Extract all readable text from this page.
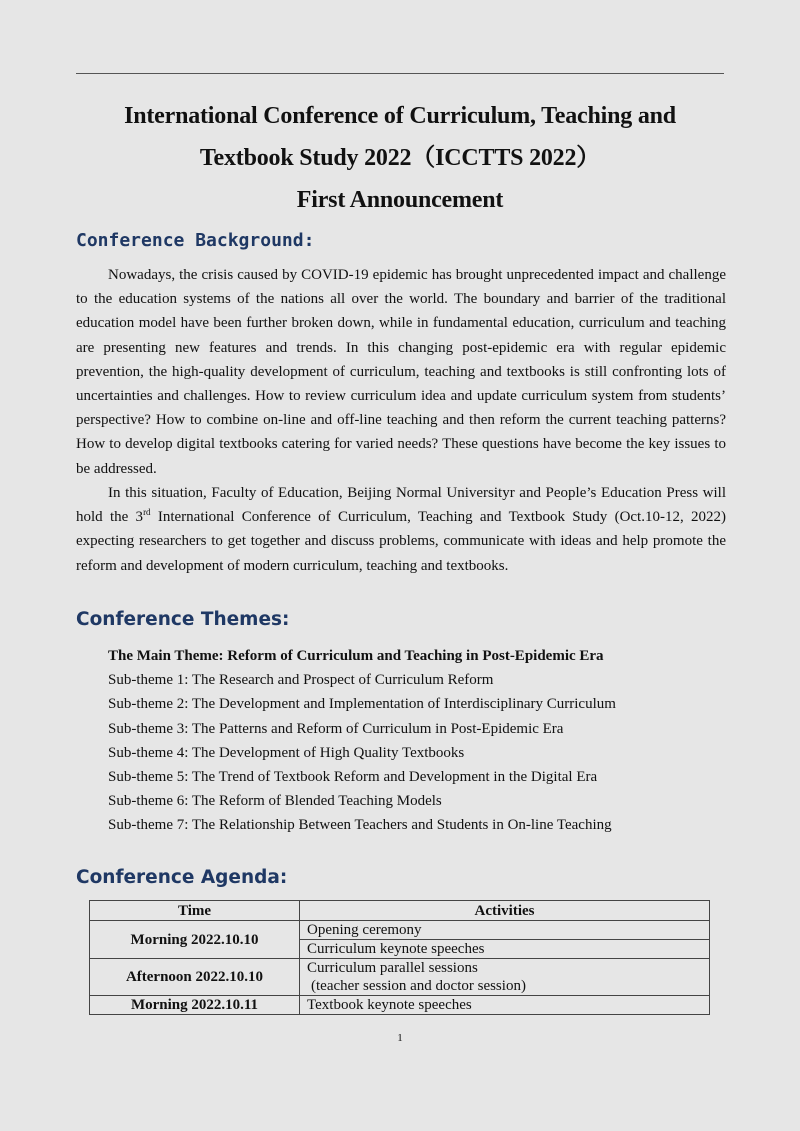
International Conference of Curriculum, Teaching and
Textbook Study 2022（ICCTTS 2022）
First Announcement
Conference Background:

Nowadays, the crisis caused by COVID-19 epidemic has brought unprecedented impact and challenge to the education systems of the nations all over the world. The boundary and barrier of the traditional education model have been further broken down, while in fundamental education, curriculum and teaching are presenting new features and trends. In this changing post-epidemic era with regular epidemic prevention, the high-quality development of curriculum, teaching and textbooks is still confronting lots of uncertainties and challenges. How to review curriculum idea and update curriculum system from students’ perspective? How to combine on-line and off-line teaching and then reform the current teaching patterns? How to develop digital textbooks catering for varied needs? These questions have become the key issues to be addressed.

In this situation, Faculty of Education, Beijing Normal Universityr and People’s Education Press will hold the 3rd International Conference of Curriculum, Teaching and Textbook Study (Oct.10-12, 2022) expecting researchers to get together and discuss problems, communicate with ideas and help promote the reform and development of modern curriculum, teaching and textbooks.

Conference Themes:
The Main Theme: Reform of Curriculum and Teaching in Post-Epidemic Era
Sub-theme 1: The Research and Prospect of Curriculum Reform
Sub-theme 2: The Development and Implementation of Interdisciplinary Curriculum
Sub-theme 3: The Patterns and Reform of Curriculum in Post-Epidemic Era
Sub-theme 4: The Development of High Quality Textbooks
Sub-theme 5: The Trend of Textbook Reform and Development in the Digital Era
Sub-theme 6: The Reform of Blended Teaching Models
Sub-theme 7: The Relationship Between Teachers and Students in On-line Teaching
Conference Agenda:
Time	Activities
Morning 2022.10.10	Opening ceremony
	Curriculum keynote speeches
Afternoon 2022.10.10	Curriculum parallel sessions
(teacher session and doctor session)

Morning 2022.10.11	Textbook keynote speeches
1
